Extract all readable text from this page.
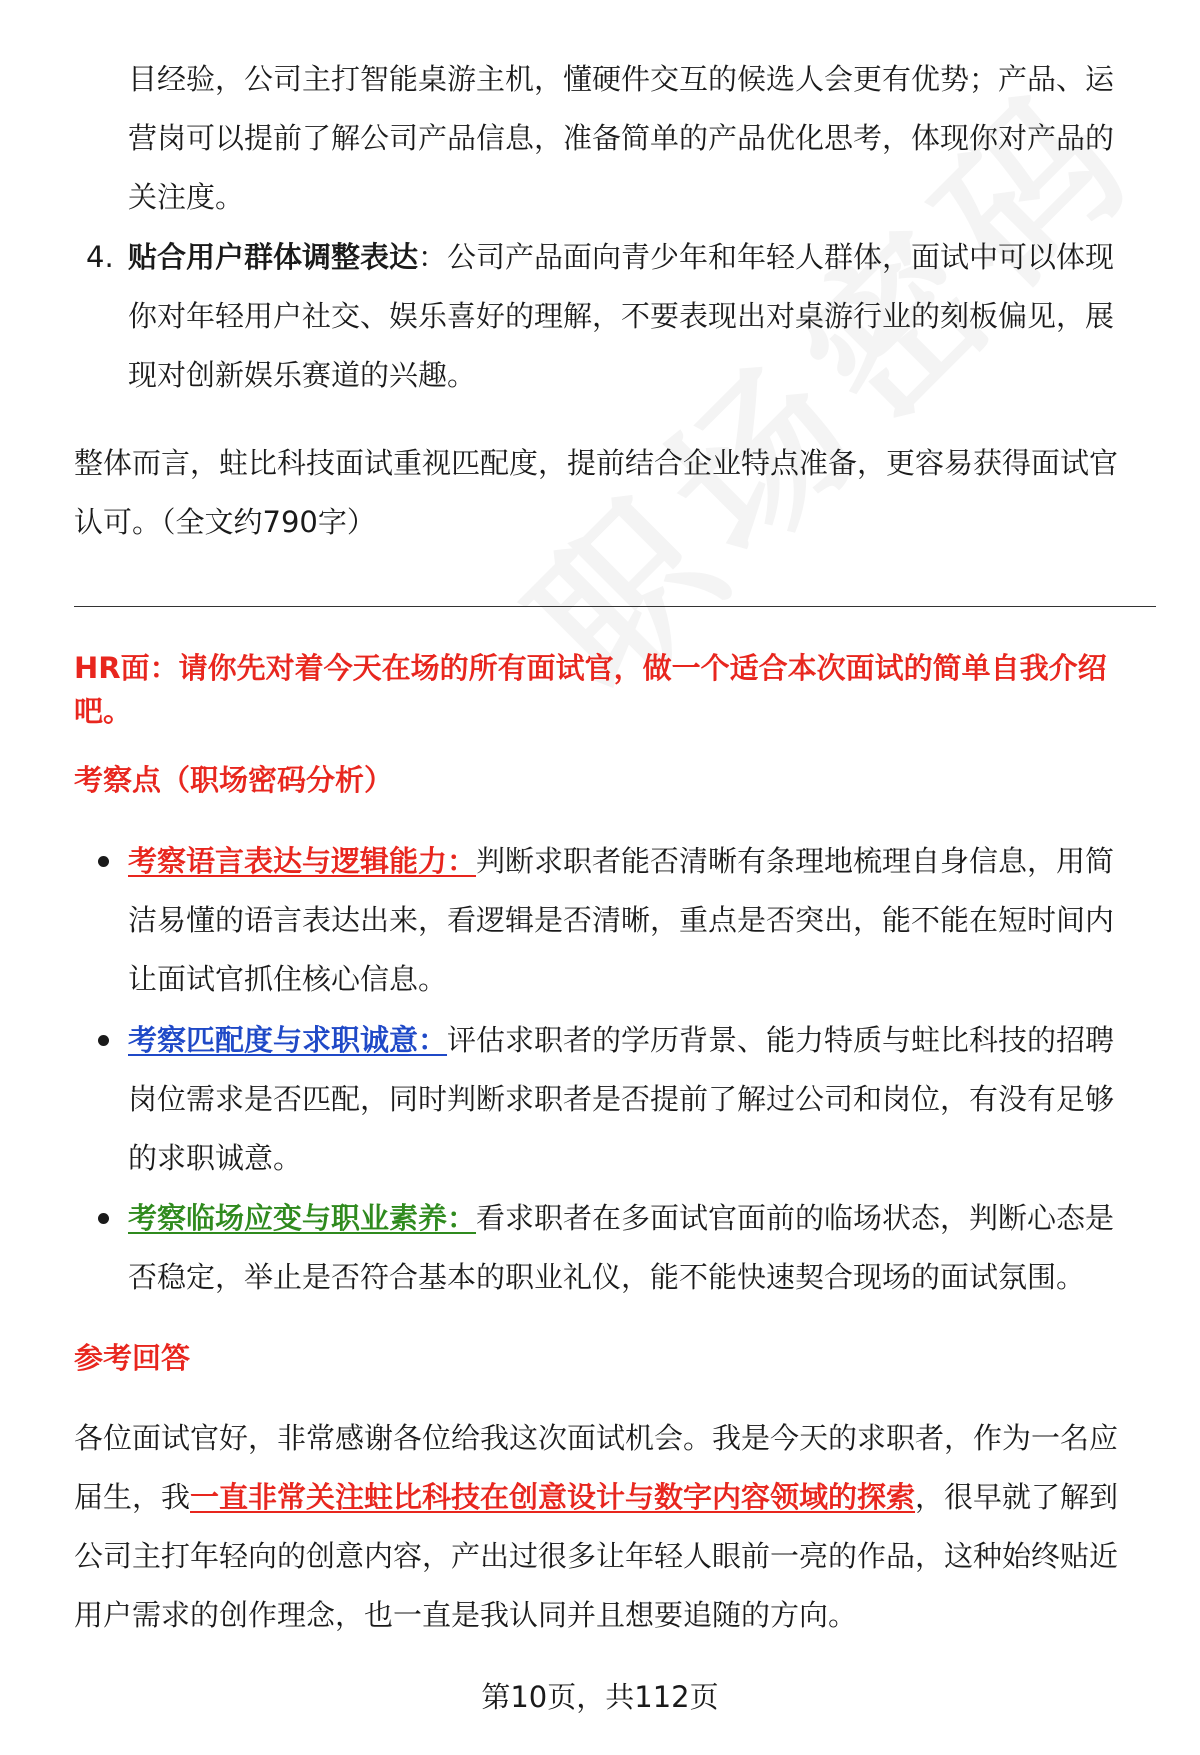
目经验，公司主打智能桌游主机，懂硬件交互的候选人会更有优势；产品、运
营岗可以提前了解公司产品信息，准备简单的产品优化思考，体现你对产品的
关注度。
4. 贴合用户群体调整表达：公司产品面向青少年和年轻人群体，面试中可以体现
你对年轻用户社交、娱乐喜好的理解，不要表现出对桌游行业的刻板偏见，展
现对创新娱乐赛道的兴趣。
整体而言，蛀比科技面试重视匹配度，提前结合企业特点准备，更容易获得面试官
认可。（全文约790字）
HR面：请你先对着今天在场的所有面试官，做一个适合本次面试的简单自我介绍
吧。
考察点（职场密码分析）
考察语言表达与逻辑能力：判断求职者能否清晰有条理地梳理自身信息，用简
洁易懂的语言表达出来，看逻辑是否清晰，重点是否突出，能不能在短时间内
让面试官抓住核心信息。
考察匹配度与求职诚意：评估求职者的学历背景、能力特质与蛀比科技的招聘
岗位需求是否匹配，同时判断求职者是否提前了解过公司和岗位，有没有足够
的求职诚意。
考察临场应变与职业素养：看求职者在多面试官面前的临场状态，判断心态是
否稳定，举止是否符合基本的职业礼仪，能不能快速契合现场的面试氛围。
参考回答
各位面试官好，非常感谢各位给我这次面试机会。我是今天的求职者，作为一名应
届生，我一直非常关注蛀比科技在创意设计与数字内容领域的探索，很早就了解到
公司主打年轻向的创意内容，产出过很多让年轻人眼前一亮的作品，这种始终贴近
用户需求的创作理念，也一直是我认同并且想要追随的方向。
第10页，共112页
